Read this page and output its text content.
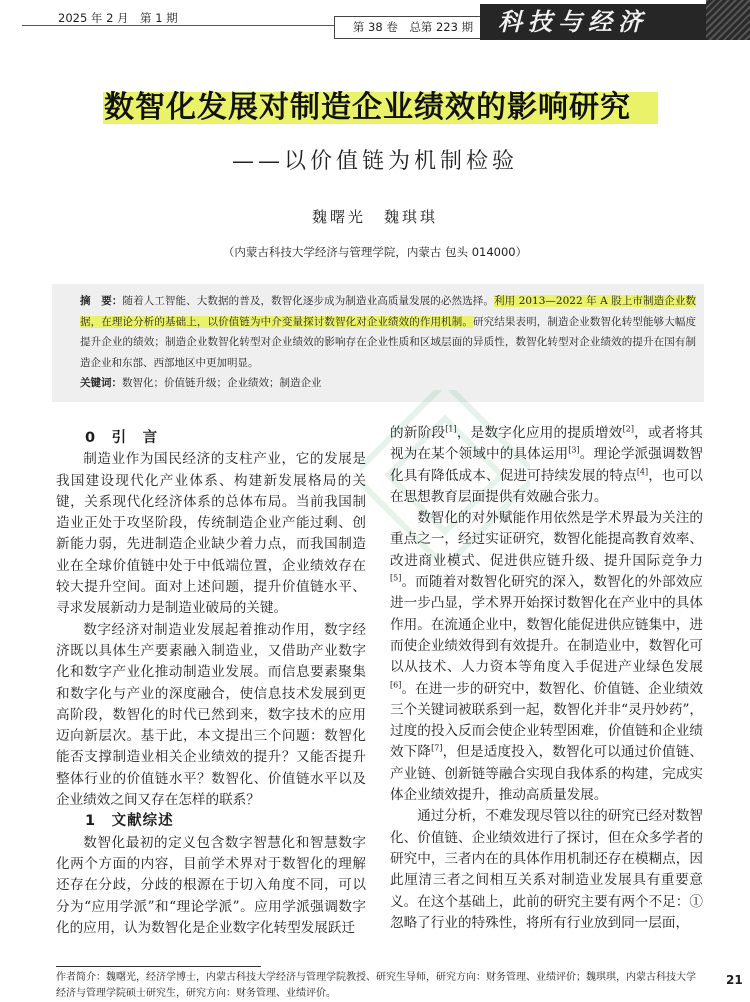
2025 年 2 月　第 1 期
第 38 卷　总第 223 期	科技与经济
数智化发展对制造企业绩效的影响研究
——以价值链为机制检验
魏曙光　魏琪琪
（内蒙古科技大学经济与管理学院，内蒙古 包头 014000）
摘　要：随着人工智能、大数据的普及，数智化逐步成为制造业高质量发展的必然选择。利用 2013—2022 年 A 股上市制造企业数据，在理论分析的基础上，以价值链为中介变量探讨数智化对企业绩效的作用机制。研究结果表明，制造企业数智化转型能够大幅度提升企业的绩效；制造企业数智化转型对企业绩效的影响存在企业性质和区域层面的异质性，数智化转型对企业绩效的提升在国有制造企业和东部、西部地区中更加明显。
关键词：数智化；价值链升级；企业绩效；制造企业

0　引　言

制造业作为国民经济的支柱产业，它的发展是我国建设现代化产业体系、构建新发展格局的关键，关系现代化经济体系的总体布局。当前我国制造业正处于攻坚阶段，传统制造企业产能过剩、创新能力弱，先进制造企业缺少着力点，而我国制造业在全球价值链中处于中低端位置，企业绩效存在较大提升空间。面对上述问题，提升价值链水平、寻求发展新动力是制造业破局的关键。

数字经济对制造业发展起着推动作用，数字经济既以具体生产要素融入制造业，又借助产业数字化和数字产业化推动制造业发展。而信息要素聚集和数字化与产业的深度融合，使信息技术发展到更高阶段，数智化的时代已然到来，数字技术的应用迈向新层次。基于此，本文提出三个问题：数智化能否支撑制造业相关企业绩效的提升？又能否提升整体行业的价值链水平？数智化、价值链水平以及企业绩效之间又存在怎样的联系？

1　文献综述

数智化最初的定义包含数字智慧化和智慧数字化两个方面的内容，目前学术界对于数智化的理解还存在分歧，分歧的根源在于切入角度不同，可以分为“应用学派”和“理论学派”。应用学派强调数字化的应用，认为数智化是企业数字化转型发展跃迁

的新阶段[1]，是数字化应用的提质增效[2]，或者将其视为在某个领域中的具体运用[3]。理论学派强调数智化具有降低成本、促进可持续发展的特点[4]，也可以在思想教育层面提供有效融合张力。

数智化的对外赋能作用依然是学术界最为关注的重点之一，经过实证研究，数智化能提高教育效率、改进商业模式、促进供应链升级、提升国际竞争力[5]。而随着对数智化研究的深入，数智化的外部效应进一步凸显，学术界开始探讨数智化在产业中的具体作用。在流通企业中，数智化能促进供应链集中，进而使企业绩效得到有效提升。在制造业中，数智化可以从技术、人力资本等角度入手促进产业绿色发展[6]。在进一步的研究中，数智化、价值链、企业绩效三个关键词被联系到一起，数智化并非“灵丹妙药”，过度的投入反而会使企业转型困难，价值链和企业绩效下降[7]，但是适度投入，数智化可以通过价值链、产业链、创新链等融合实现自我体系的构建，完成实体企业绩效提升，推动高质量发展。

通过分析，不难发现尽管以往的研究已经对数智化、价值链、企业绩效进行了探讨，但在众多学者的研究中，三者内在的具体作用机制还存在模糊点，因此厘清三者之间相互关系对制造业发展具有重要意义。在这个基础上，此前的研究主要有两个不足：①忽略了行业的特殊性，将所有行业放到同一层面，

作者简介：魏曙光，经济学博士，内蒙古科技大学经济与管理学院教授、研究生导师，研究方向：财务管理、业绩评价；魏琪琪，内蒙古科技大学经济与管理学院硕士研究生，研究方向：财务管理、业绩评价。
21
